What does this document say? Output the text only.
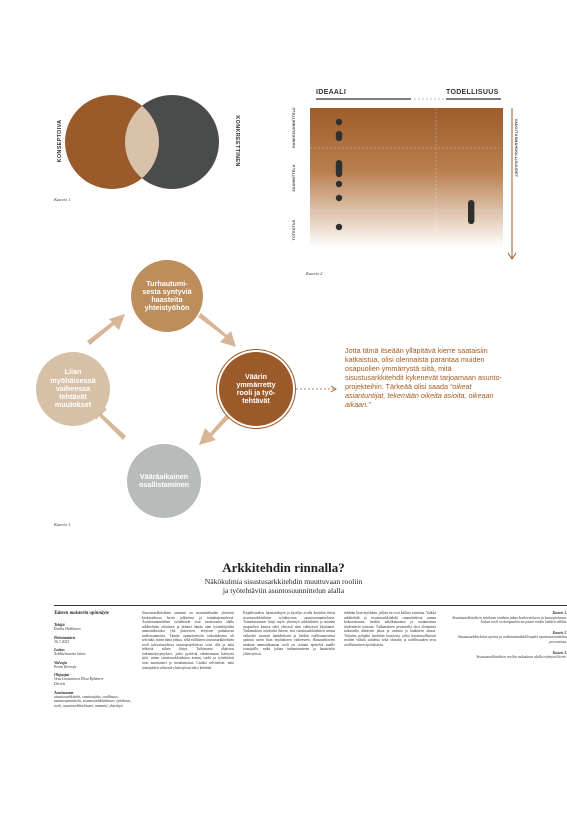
KONSEPTOIVA	KONKREETTINEN
Kaavio 1
IDEAALI	TODELLISUUS
HANKESUUNNITTELU
SUUNNITTELU
TOTEUTUS
VAIKUTUSMAHDOLLISUUDET
Kaavio 2
Turhautumi-sesta syntyviä haasteita yhteistyöhön
Väärin ymmärretty rooli ja työ-tehtävät
Vääräaikainen osallistaminen
Liian myöhäisessä vaiheessa tehtävät muutokset
Jotta tämä itseään ylläpitävä kierre saataisiin katkaistua, olisi olennaista parantaa muiden osapuolien ymmärrystä siitä, mitä sisustusarkkitehdit kykenevät tarjoamaan asunto-projekteihin. Tärkeää olisi saada “oikeat asiantuntijat, tekemään oikeita asioita, oikeaan aikaan.”
Kaavio 3
Arkkitehdin rinnalla?
Näkökulmia sisustusarkkitehdin muuttuvaan rooliin
ja työtehtäviin asuntosuunnittelun alalla
Taiteen maisterin opinnäyte
Tekijä
Emilia Heikkinen
Päivämäärä
30.7.2023
Laitos
Arkkitehtuurin laitos
Valvoja
Pentti Kareoja
Ohjaajat
Vesa Luotariinen Elisa Ryhänen-Derrett
Avainsanat
sisustusarkkitehti, vastuunjako, osallisuus, asuntosuunnittelu, sisustusarkkitehtuuri, työnkuva, rooli, asuntoarkkitehtuuri, ammatti, yhteistyö
Sisustusarkkitehtien ammatti on suunnittelualan yleisessä keskustelussa hyvin julkisessa ja toimittajamielessä. Asuntosuunnittelun työtehtävät ovat moniosaisia alalla arkkitehtien aikuisten ja jääneet tämän alan työntekijöiden ammattikuvaksi yhä pääsevien, erityisen puhuttavaa uudisasunnoista. Tämän opinnäytetyön tarkoituksena oli selvittää, miten tämä johtuu, sekä millainen sisustusarkkitehtien rooli tulevaisuudessa asuntoprojekteissa voisi olla ja mitä tehtäviä siihen liittyy. Tutkimusta ohjasivat tutkimuskysymykset, jotka pyrkivät rakentamaan käsitystä siitä, miten sisustusarkkitehtien asema, roolit ja työtehtävät ovat muuttuneet ja muuttumassa. Lisäksi selvitettiin, mitä toimijoiden välisessä yhteistyössä tulisi kehittää.
Kirjallisuuden, haastattelujen ja kyselyn avulla kerättiin tietoa sisustusarkkitehtien työnkuvasta asuntosuunnittelussa. Toimeksiantoon liittyi myös yhteistyö arkkitehtien ja muiden osapuolien kanssa sekä yleisesti alan vallitsevat käytännöt. Tutkimuksen tuloksista ilmeni, että sisustusarkkitehtien asema vaihtelee suuresti hankkeittain ja heidän osallistumisensa ajoittuu usein liian myöhäiseen vaiheeseen. Haastateltavien mukaan ammattikunnan rooli on osittain epäselvä muille toimijoille, mikä johtaa turhautumiseen ja haasteisiin yhteistyössä.
tehdään liian myöhään, jolloin ne ovat kalliita toteuttaa. Vaikka arkkitehdit ja sisustusarkkitehdit suunnittelevat samaa kokonaisuutta, heidän näkökulmansa ja osaamisensa täydentävät toisiaan. Tutkimuksen perusteella olisi olennaista tarkastella tehtävien jakoa ja vastuita jo hankkeen alussa. Tulosten pohjalta laadittiin kaavioita, jotka havainnollistavat roolien välistä suhdetta sekä ideaalin ja todellisuuden eroa osallistumisen ajoituksessa.
Kaavio 1.
Sisustusarkkitehtien työnkuva voidaan jakaa konkreettiseen ja konseptoivaan. Joskus rooli on kumpaakin tai jotain niiden kahden väliltä.
Kaavio 2.
Sisustusarkkitehtien ajoitus ja vaikutusmahdollisuudet asuntosuunnittelun prosessissa.
Kaavio 3.
Sisustusarkkitehtien rooliin vaikuttava alalla esiintyvä kierre.
